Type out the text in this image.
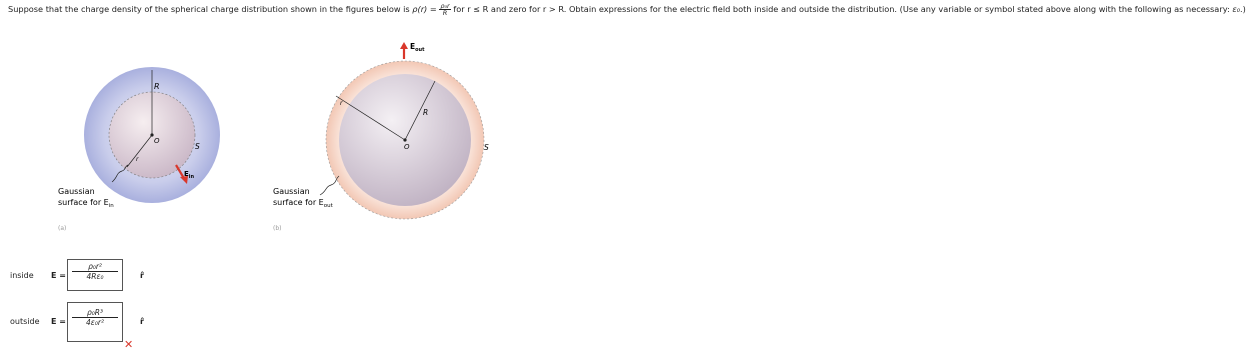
Suppose that the charge density of the spherical charge distribution shown in the figures below is $\rho(r) = \frac{\text{ρ₀r}}{R}$ for r ≤ R and zero for r > R. Obtain expressions for the electric field both inside and outside the distribution. (Use any variable or symbol stated above along with the following as necessary: ε₀.)
R
O
r
S
$E_{in}$
Gaussian
surface for $E_{in}$
(a)
r
R
O	S
$E_{out}$
Gaussian
surface for $E_{out}$
(b)
inside $E = \frac{\text{ρ₀r²}}{\text{4Rε₀}}$ r̂
outside $E = \frac{\text{ρ₀R³}}{\text{4ε₀r²}}$ r̂
✕
